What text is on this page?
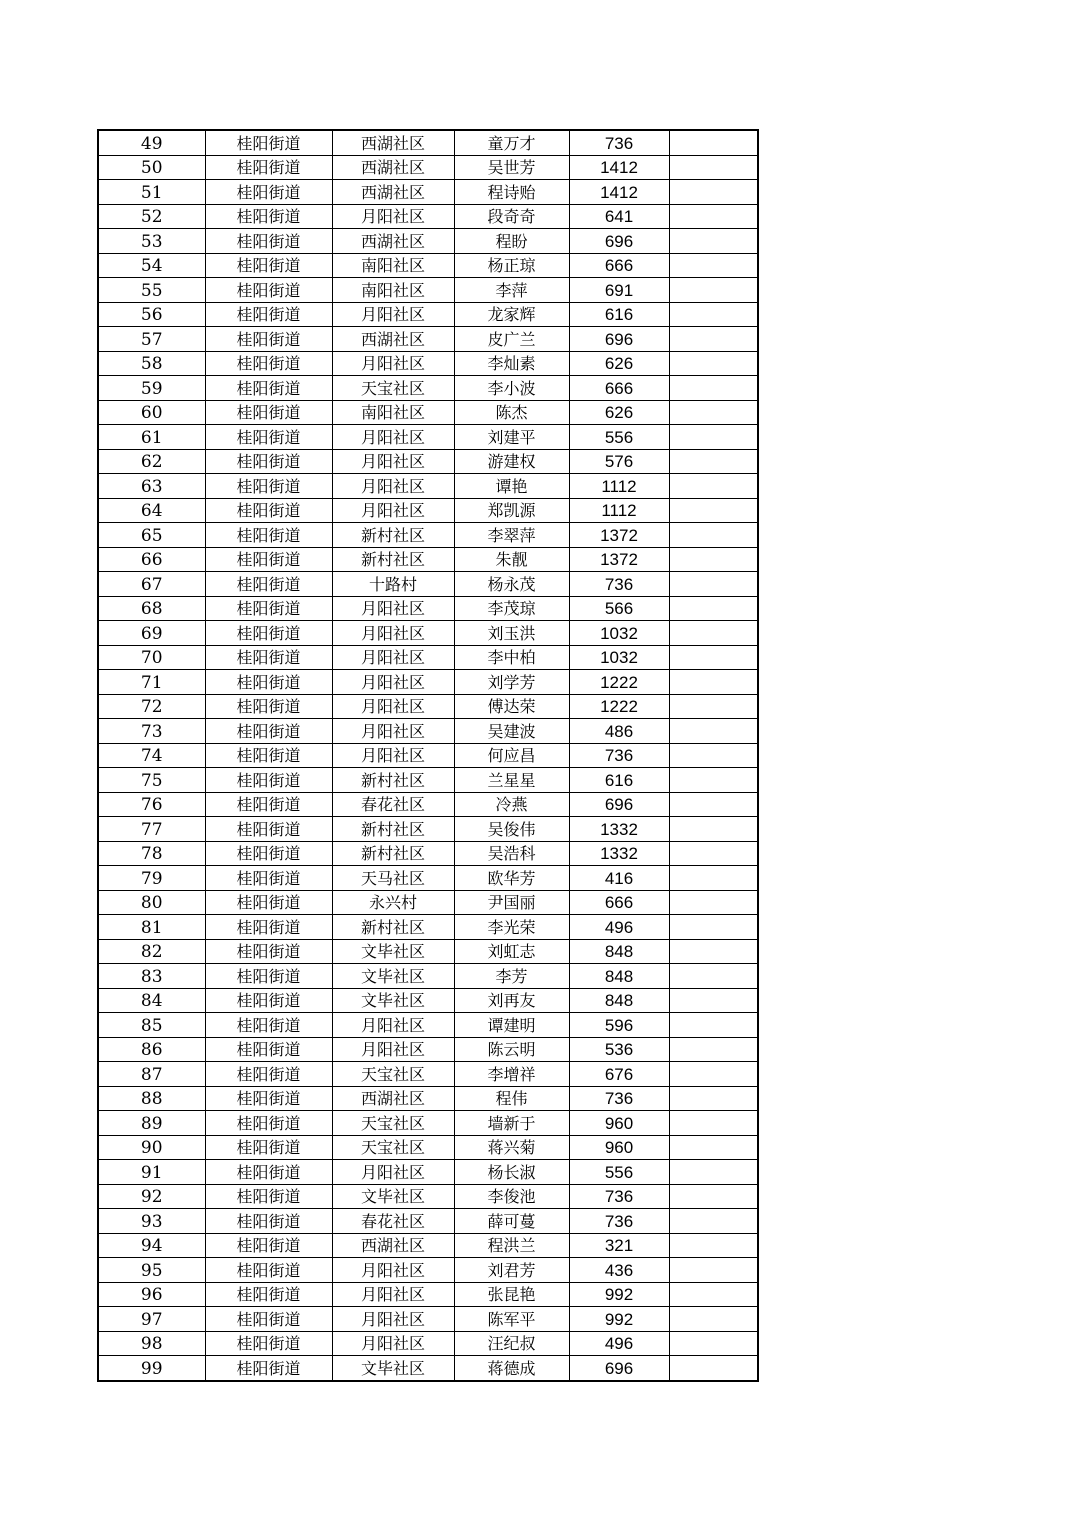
49	桂阳街道	西湖社区	童万才	736	
50	桂阳街道	西湖社区	吴世芳	1412	
51	桂阳街道	西湖社区	程诗贻	1412	
52	桂阳街道	月阳社区	段奇奇	641	
53	桂阳街道	西湖社区	程盼	696	
54	桂阳街道	南阳社区	杨正琼	666	
55	桂阳街道	南阳社区	李萍	691	
56	桂阳街道	月阳社区	龙家辉	616	
57	桂阳街道	西湖社区	皮广兰	696	
58	桂阳街道	月阳社区	李灿素	626	
59	桂阳街道	天宝社区	李小波	666	
60	桂阳街道	南阳社区	陈杰	626	
61	桂阳街道	月阳社区	刘建平	556	
62	桂阳街道	月阳社区	游建权	576	
63	桂阳街道	月阳社区	谭艳	1112	
64	桂阳街道	月阳社区	郑凯源	1112	
65	桂阳街道	新村社区	李翠萍	1372	
66	桂阳街道	新村社区	朱靓	1372	
67	桂阳街道	十路村	杨永茂	736	
68	桂阳街道	月阳社区	李茂琼	566	
69	桂阳街道	月阳社区	刘玉洪	1032	
70	桂阳街道	月阳社区	李中柏	1032	
71	桂阳街道	月阳社区	刘学芳	1222	
72	桂阳街道	月阳社区	傅达荣	1222	
73	桂阳街道	月阳社区	吴建波	486	
74	桂阳街道	月阳社区	何应昌	736	
75	桂阳街道	新村社区	兰星星	616	
76	桂阳街道	春花社区	冷燕	696	
77	桂阳街道	新村社区	吴俊伟	1332	
78	桂阳街道	新村社区	吴浩科	1332	
79	桂阳街道	天马社区	欧华芳	416	
80	桂阳街道	永兴村	尹国丽	666	
81	桂阳街道	新村社区	李光荣	496	
82	桂阳街道	文毕社区	刘虹志	848	
83	桂阳街道	文毕社区	李芳	848	
84	桂阳街道	文毕社区	刘再友	848	
85	桂阳街道	月阳社区	谭建明	596	
86	桂阳街道	月阳社区	陈云明	536	
87	桂阳街道	天宝社区	李增祥	676	
88	桂阳街道	西湖社区	程伟	736	
89	桂阳街道	天宝社区	墙新于	960	
90	桂阳街道	天宝社区	蒋兴菊	960	
91	桂阳街道	月阳社区	杨长淑	556	
92	桂阳街道	文毕社区	李俊池	736	
93	桂阳街道	春花社区	薛可蔓	736	
94	桂阳街道	西湖社区	程洪兰	321	
95	桂阳街道	月阳社区	刘君芳	436	
96	桂阳街道	月阳社区	张昆艳	992	
97	桂阳街道	月阳社区	陈军平	992	
98	桂阳街道	月阳社区	汪纪叔	496	
99	桂阳街道	文毕社区	蒋德成	696	
